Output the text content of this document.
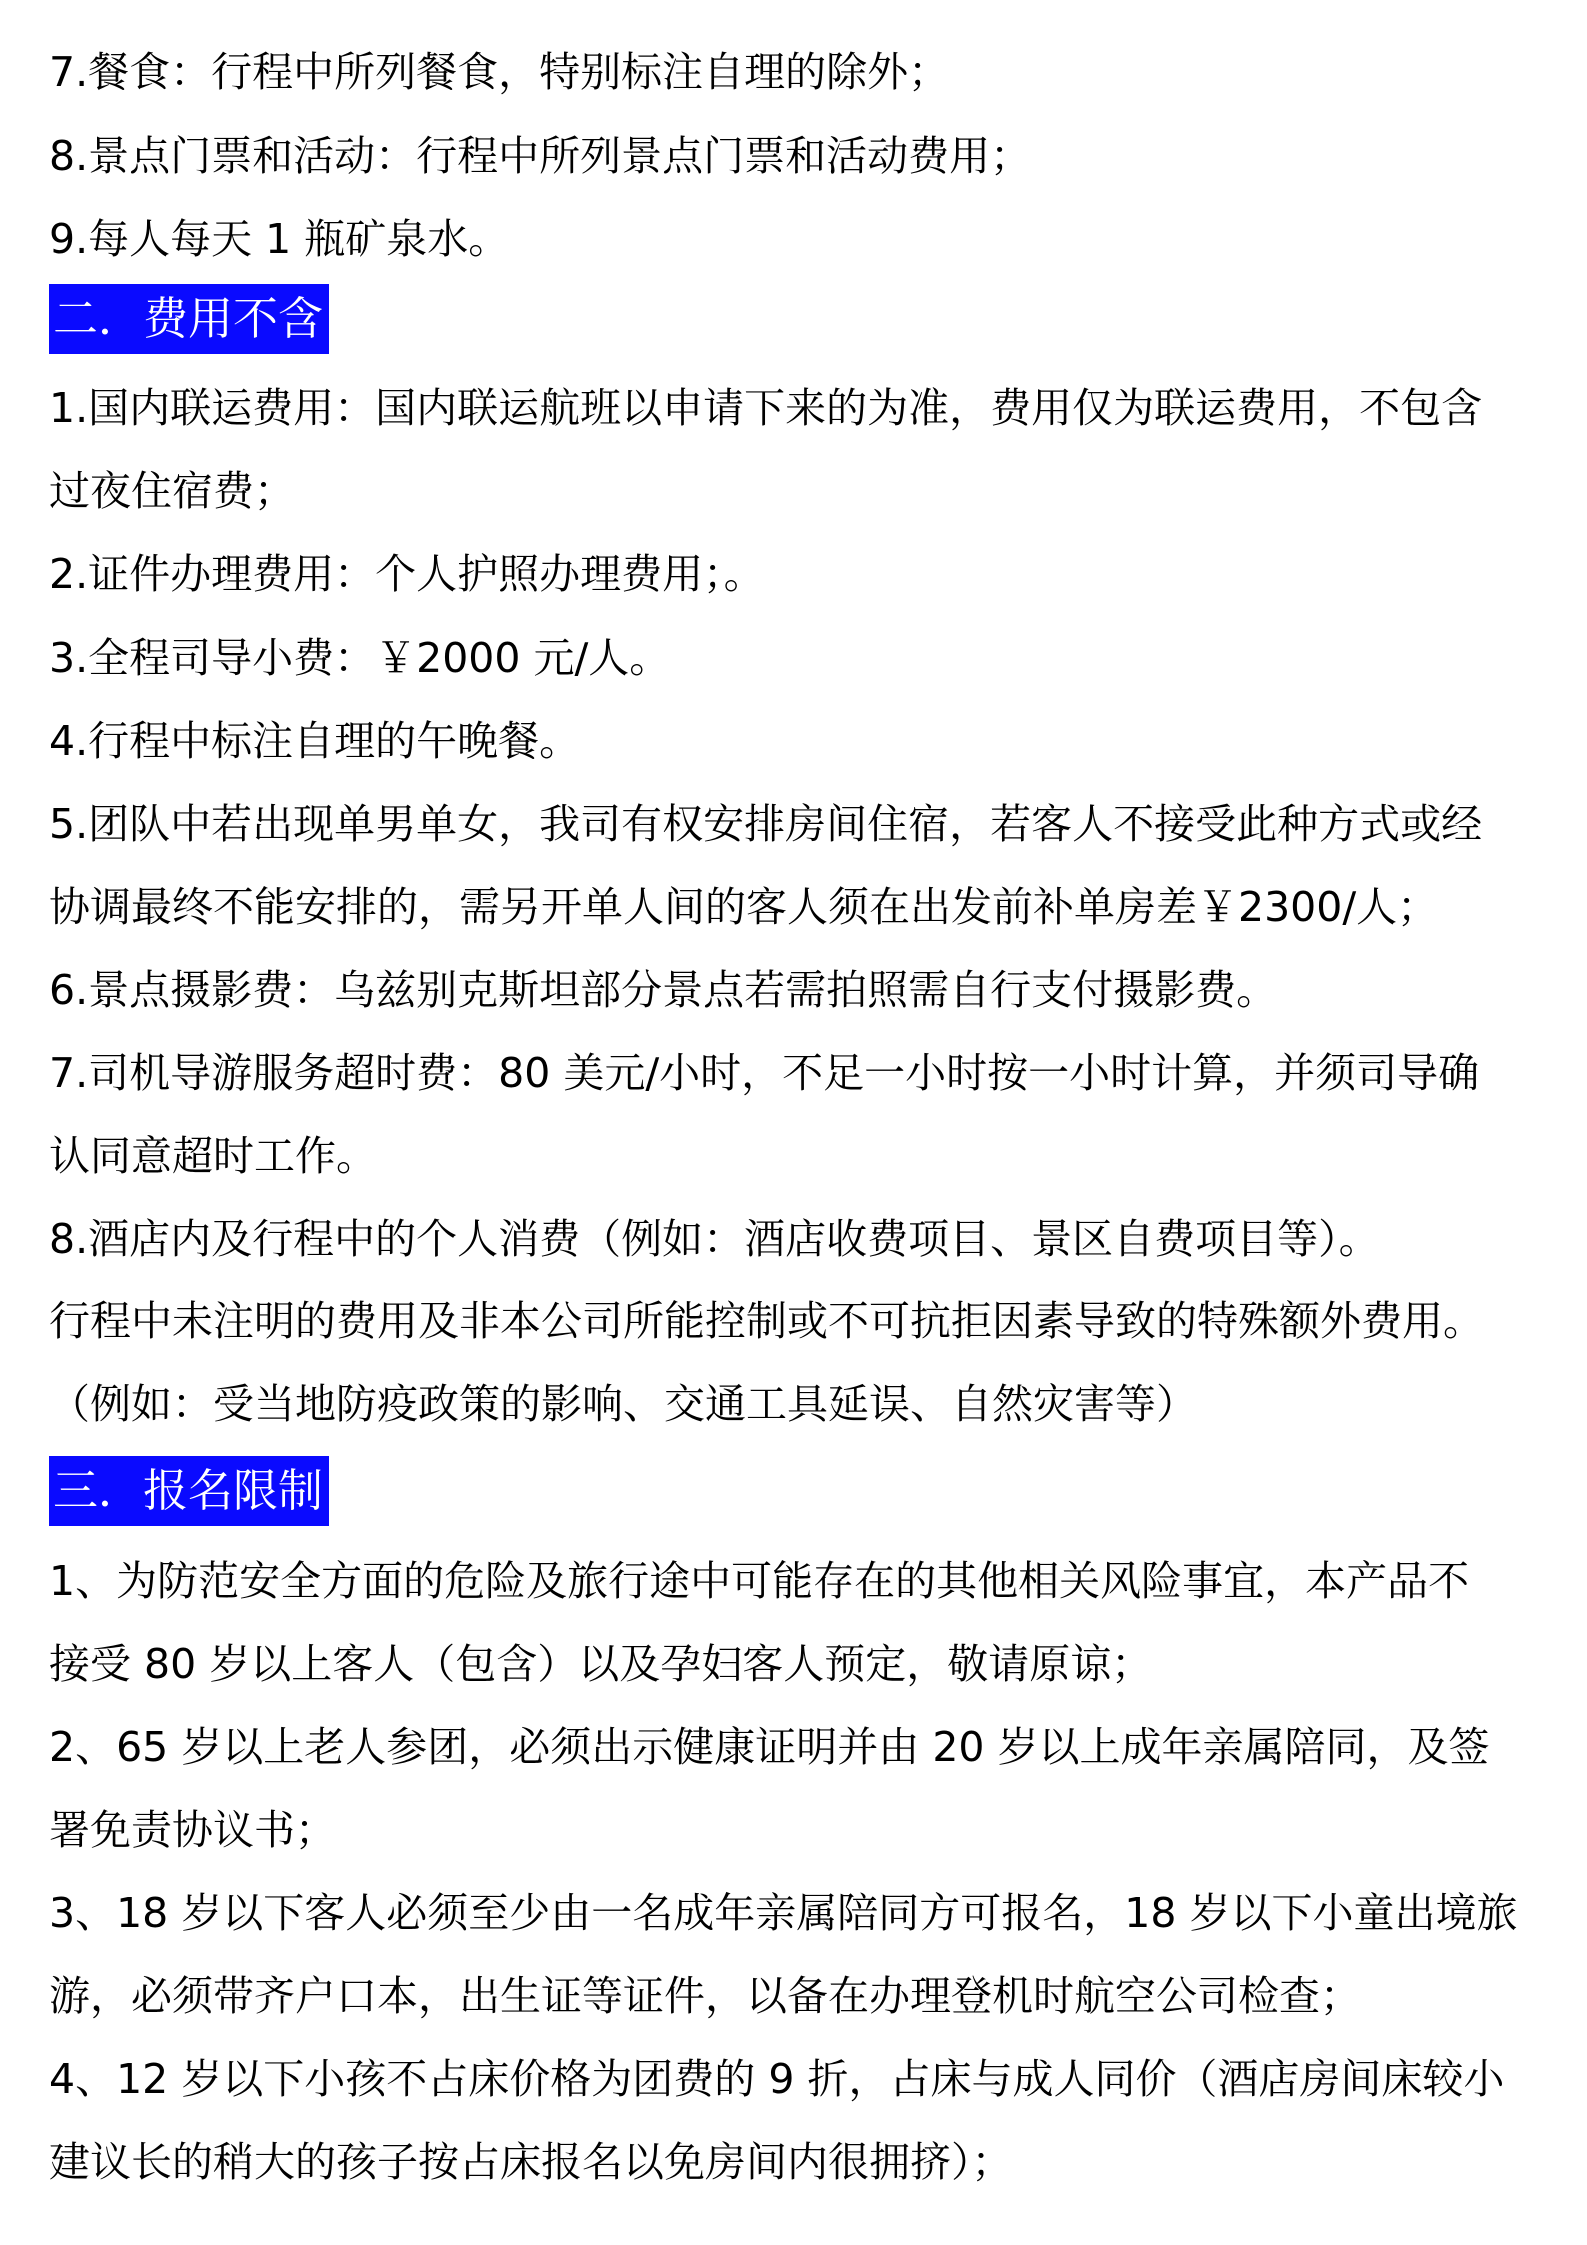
7.餐食：行程中所列餐食，特别标注自理的除外；
8.景点门票和活动：行程中所列景点门票和活动费用；
9.每人每天 1 瓶矿泉水。
二．费用不含
1.国内联运费用：国内联运航班以申请下来的为准，费用仅为联运费用，不包含
过夜住宿费；
2.证件办理费用：个人护照办理费用；。
3.全程司导小费：￥2000 元/人。
4.行程中标注自理的午晚餐。
5.团队中若出现单男单女，我司有权安排房间住宿，若客人不接受此种方式或经
协调最终不能安排的，需另开单人间的客人须在出发前补单房差￥2300/人；
6.景点摄影费：乌兹别克斯坦部分景点若需拍照需自行支付摄影费。
7.司机导游服务超时费：80 美元/小时，不足一小时按一小时计算，并须司导确
认同意超时工作。
8.酒店内及行程中的个人消费（例如：酒店收费项目、景区自费项目等）。
行程中未注明的费用及非本公司所能控制或不可抗拒因素导致的特殊额外费用。
（例如：受当地防疫政策的影响、交通工具延误、自然灾害等）
三．报名限制
1、为防范安全方面的危险及旅行途中可能存在的其他相关风险事宜，本产品不
接受 80 岁以上客人（包含）以及孕妇客人预定，敬请原谅；
2、65 岁以上老人参团，必须出示健康证明并由 20 岁以上成年亲属陪同，及签
署免责协议书；
3、18 岁以下客人必须至少由一名成年亲属陪同方可报名，18 岁以下小童出境旅
游，必须带齐户口本，出生证等证件，以备在办理登机时航空公司检查；
4、12 岁以下小孩不占床价格为团费的 9 折，占床与成人同价（酒店房间床较小
建议长的稍大的孩子按占床报名以免房间内很拥挤）；
